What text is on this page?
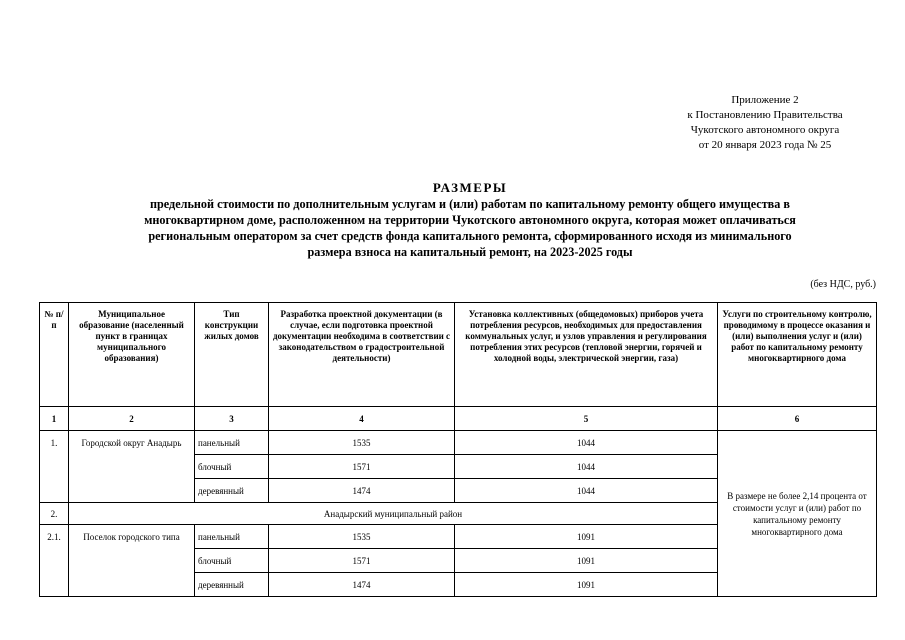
Приложение 2
к Постановлению Правительства
Чукотского автономного округа
от 20 января 2023 года № 25
РАЗМЕРЫ
предельной стоимости по дополнительным услугам и (или) работам по капитальному ремонту общего имущества в
многоквартирном доме, расположенном на территории Чукотского автономного округа, которая может оплачиваться
региональным оператором за счет средств фонда капитального ремонта, сформированного исходя из минимального
размера взноса на капитальный ремонт, на 2023-2025 годы
(без НДС, руб.)
№ п/п	Муниципальное образование (населенный пункт в границах муниципального образования)	Тип конструкции жилых домов	Разработка проектной документации (в случае, если подготовка проектной документации необходима в соответствии с законодательством о градостроительной деятельности)	Установка коллективных (общедомовых) приборов учета потребления ресурсов, необходимых для предоставления коммунальных услуг, и узлов управления и регулирования потребления этих ресурсов (тепловой энергии, горячей и холодной воды, электрической энергии, газа)	Услуги по строительному контролю, проводимому в процессе оказания и (или) выполнения услуг и (или) работ по капитальному ремонту многоквартирного дома
1	2	3	4	5	6
1.	Городской округ Анадырь	панельный	1535	1044	В размере не более 2,14 процента от стоимости услуг и (или) работ по капитальному ремонту многоквартирного дома
		блочный	1571	1044	
		деревянный	1474	1044	
2.	Анадырский муниципальный район				
2.1.	Поселок городского типа	панельный	1535	1091	
		блочный	1571	1091	
		деревянный	1474	1091	
